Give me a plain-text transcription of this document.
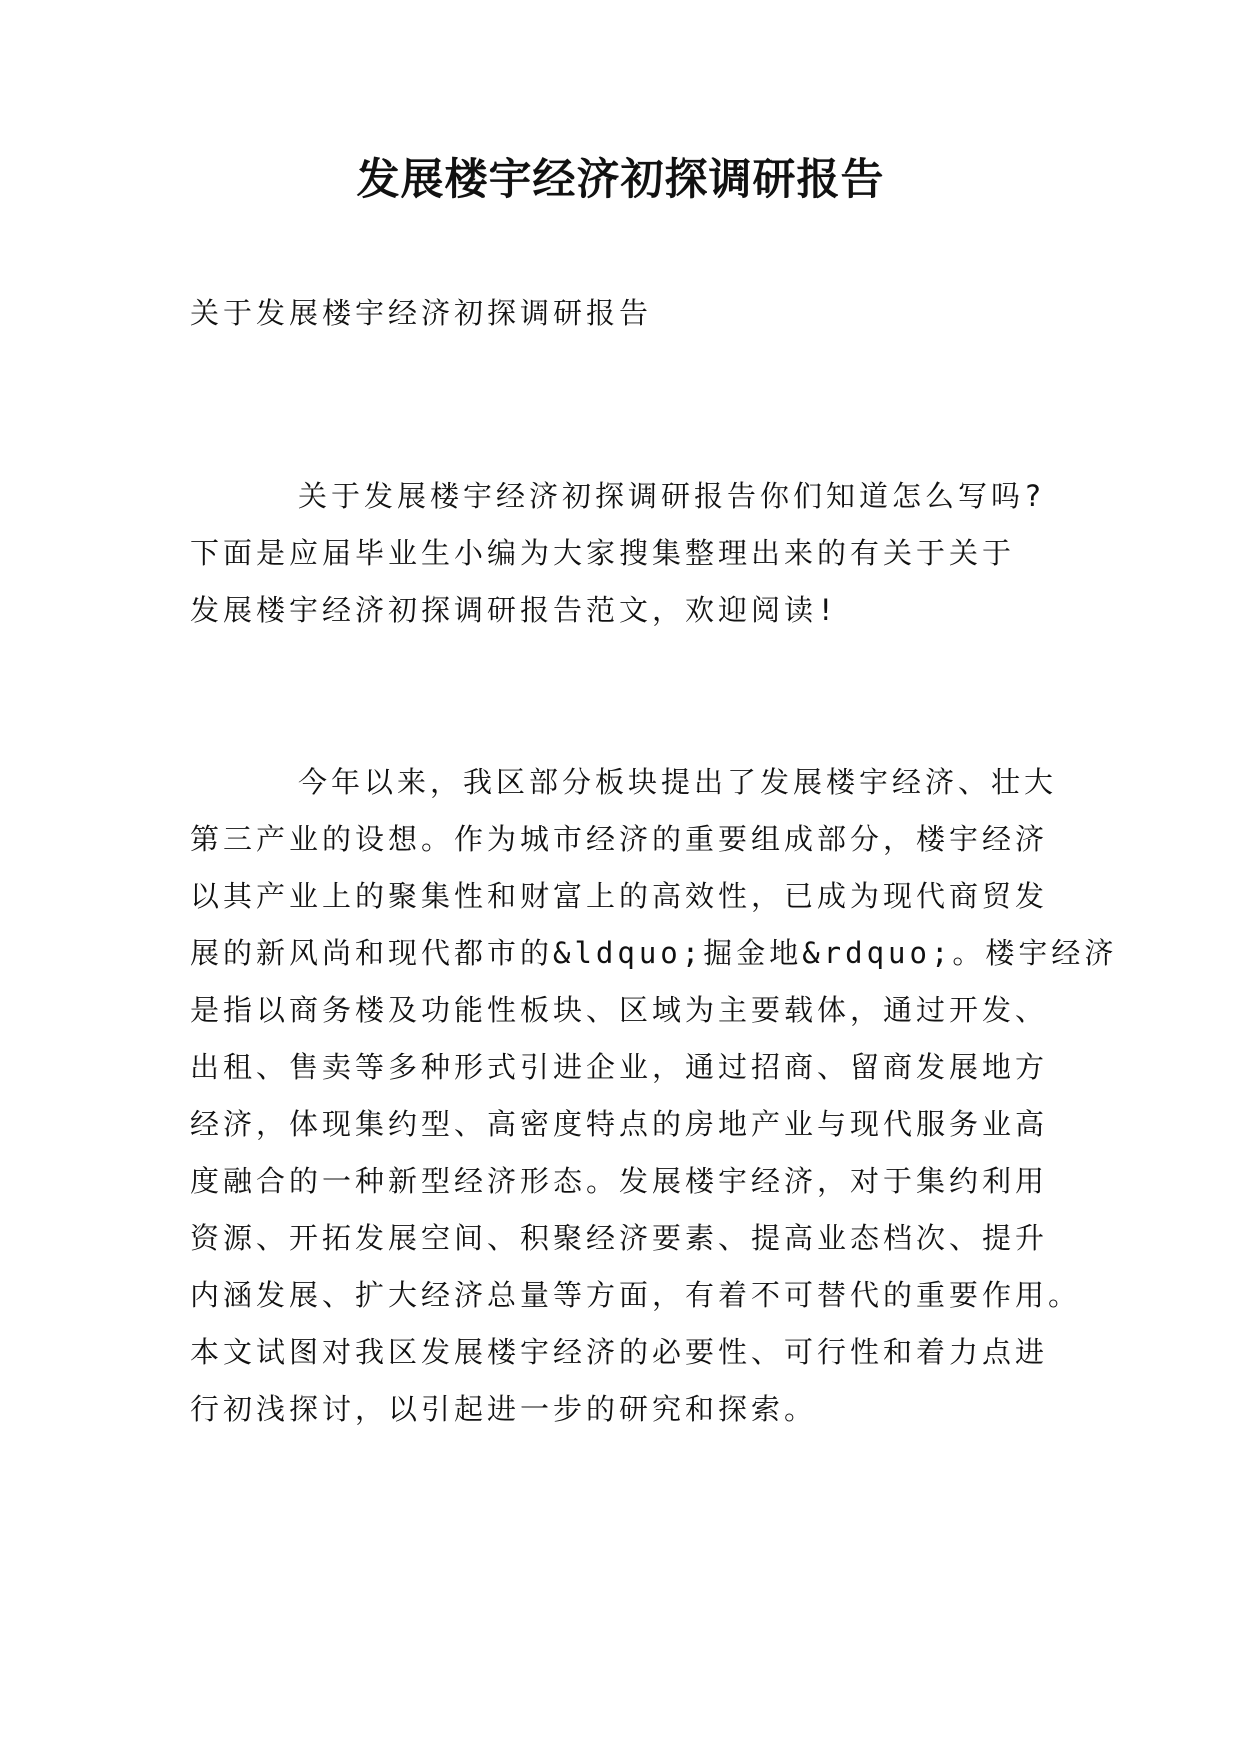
发展楼宇经济初探调研报告
关于发展楼宇经济初探调研报告
关于发展楼宇经济初探调研报告你们知道怎么写吗?
下面是应届毕业生小编为大家搜集整理出来的有关于关于
发展楼宇经济初探调研报告范文，欢迎阅读!
今年以来，我区部分板块提出了发展楼宇经济、壮大
第三产业的设想。作为城市经济的重要组成部分，楼宇经济
以其产业上的聚集性和财富上的高效性，已成为现代商贸发
展的新风尚和现代都市的&ldquo;掘金地&rdquo;。楼宇经济
是指以商务楼及功能性板块、区域为主要载体，通过开发、
出租、售卖等多种形式引进企业，通过招商、留商发展地方
经济，体现集约型、高密度特点的房地产业与现代服务业高
度融合的一种新型经济形态。发展楼宇经济，对于集约利用
资源、开拓发展空间、积聚经济要素、提高业态档次、提升
内涵发展、扩大经济总量等方面，有着不可替代的重要作用。
本文试图对我区发展楼宇经济的必要性、可行性和着力点进
行初浅探讨，以引起进一步的研究和探索。
